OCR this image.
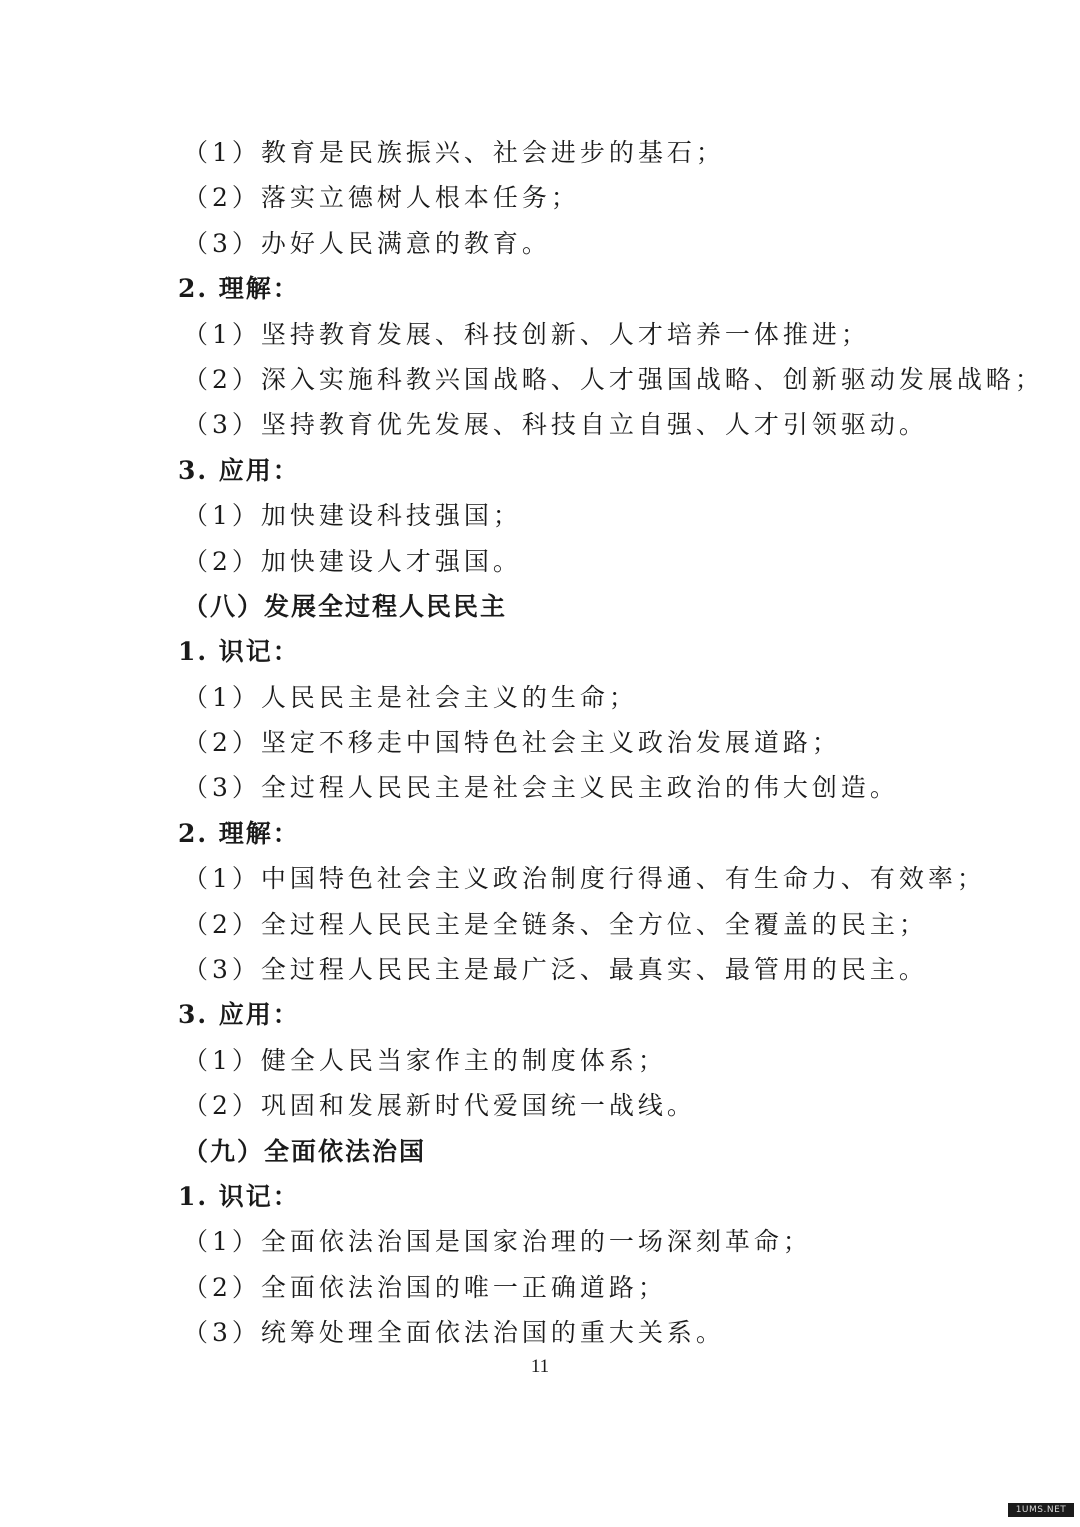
（1）教育是民族振兴、社会进步的基石；
（2）落实立德树人根本任务；
（3）办好人民满意的教育。
2. 理解：
（1）坚持教育发展、科技创新、人才培养一体推进；
（2）深入实施科教兴国战略、人才强国战略、创新驱动发展战略；
（3）坚持教育优先发展、科技自立自强、人才引领驱动。
3. 应用：
（1）加快建设科技强国；
（2）加快建设人才强国。
（八）发展全过程人民民主
1. 识记：
（1）人民民主是社会主义的生命；
（2）坚定不移走中国特色社会主义政治发展道路；
（3）全过程人民民主是社会主义民主政治的伟大创造。
2. 理解：
（1）中国特色社会主义政治制度行得通、有生命力、有效率；
（2）全过程人民民主是全链条、全方位、全覆盖的民主；
（3）全过程人民民主是最广泛、最真实、最管用的民主。
3. 应用：
（1）健全人民当家作主的制度体系；
（2）巩固和发展新时代爱国统一战线。
（九）全面依法治国
1. 识记：
（1）全面依法治国是国家治理的一场深刻革命；
（2）全面依法治国的唯一正确道路；
（3）统筹处理全面依法治国的重大关系。
11
1UMS.NET
